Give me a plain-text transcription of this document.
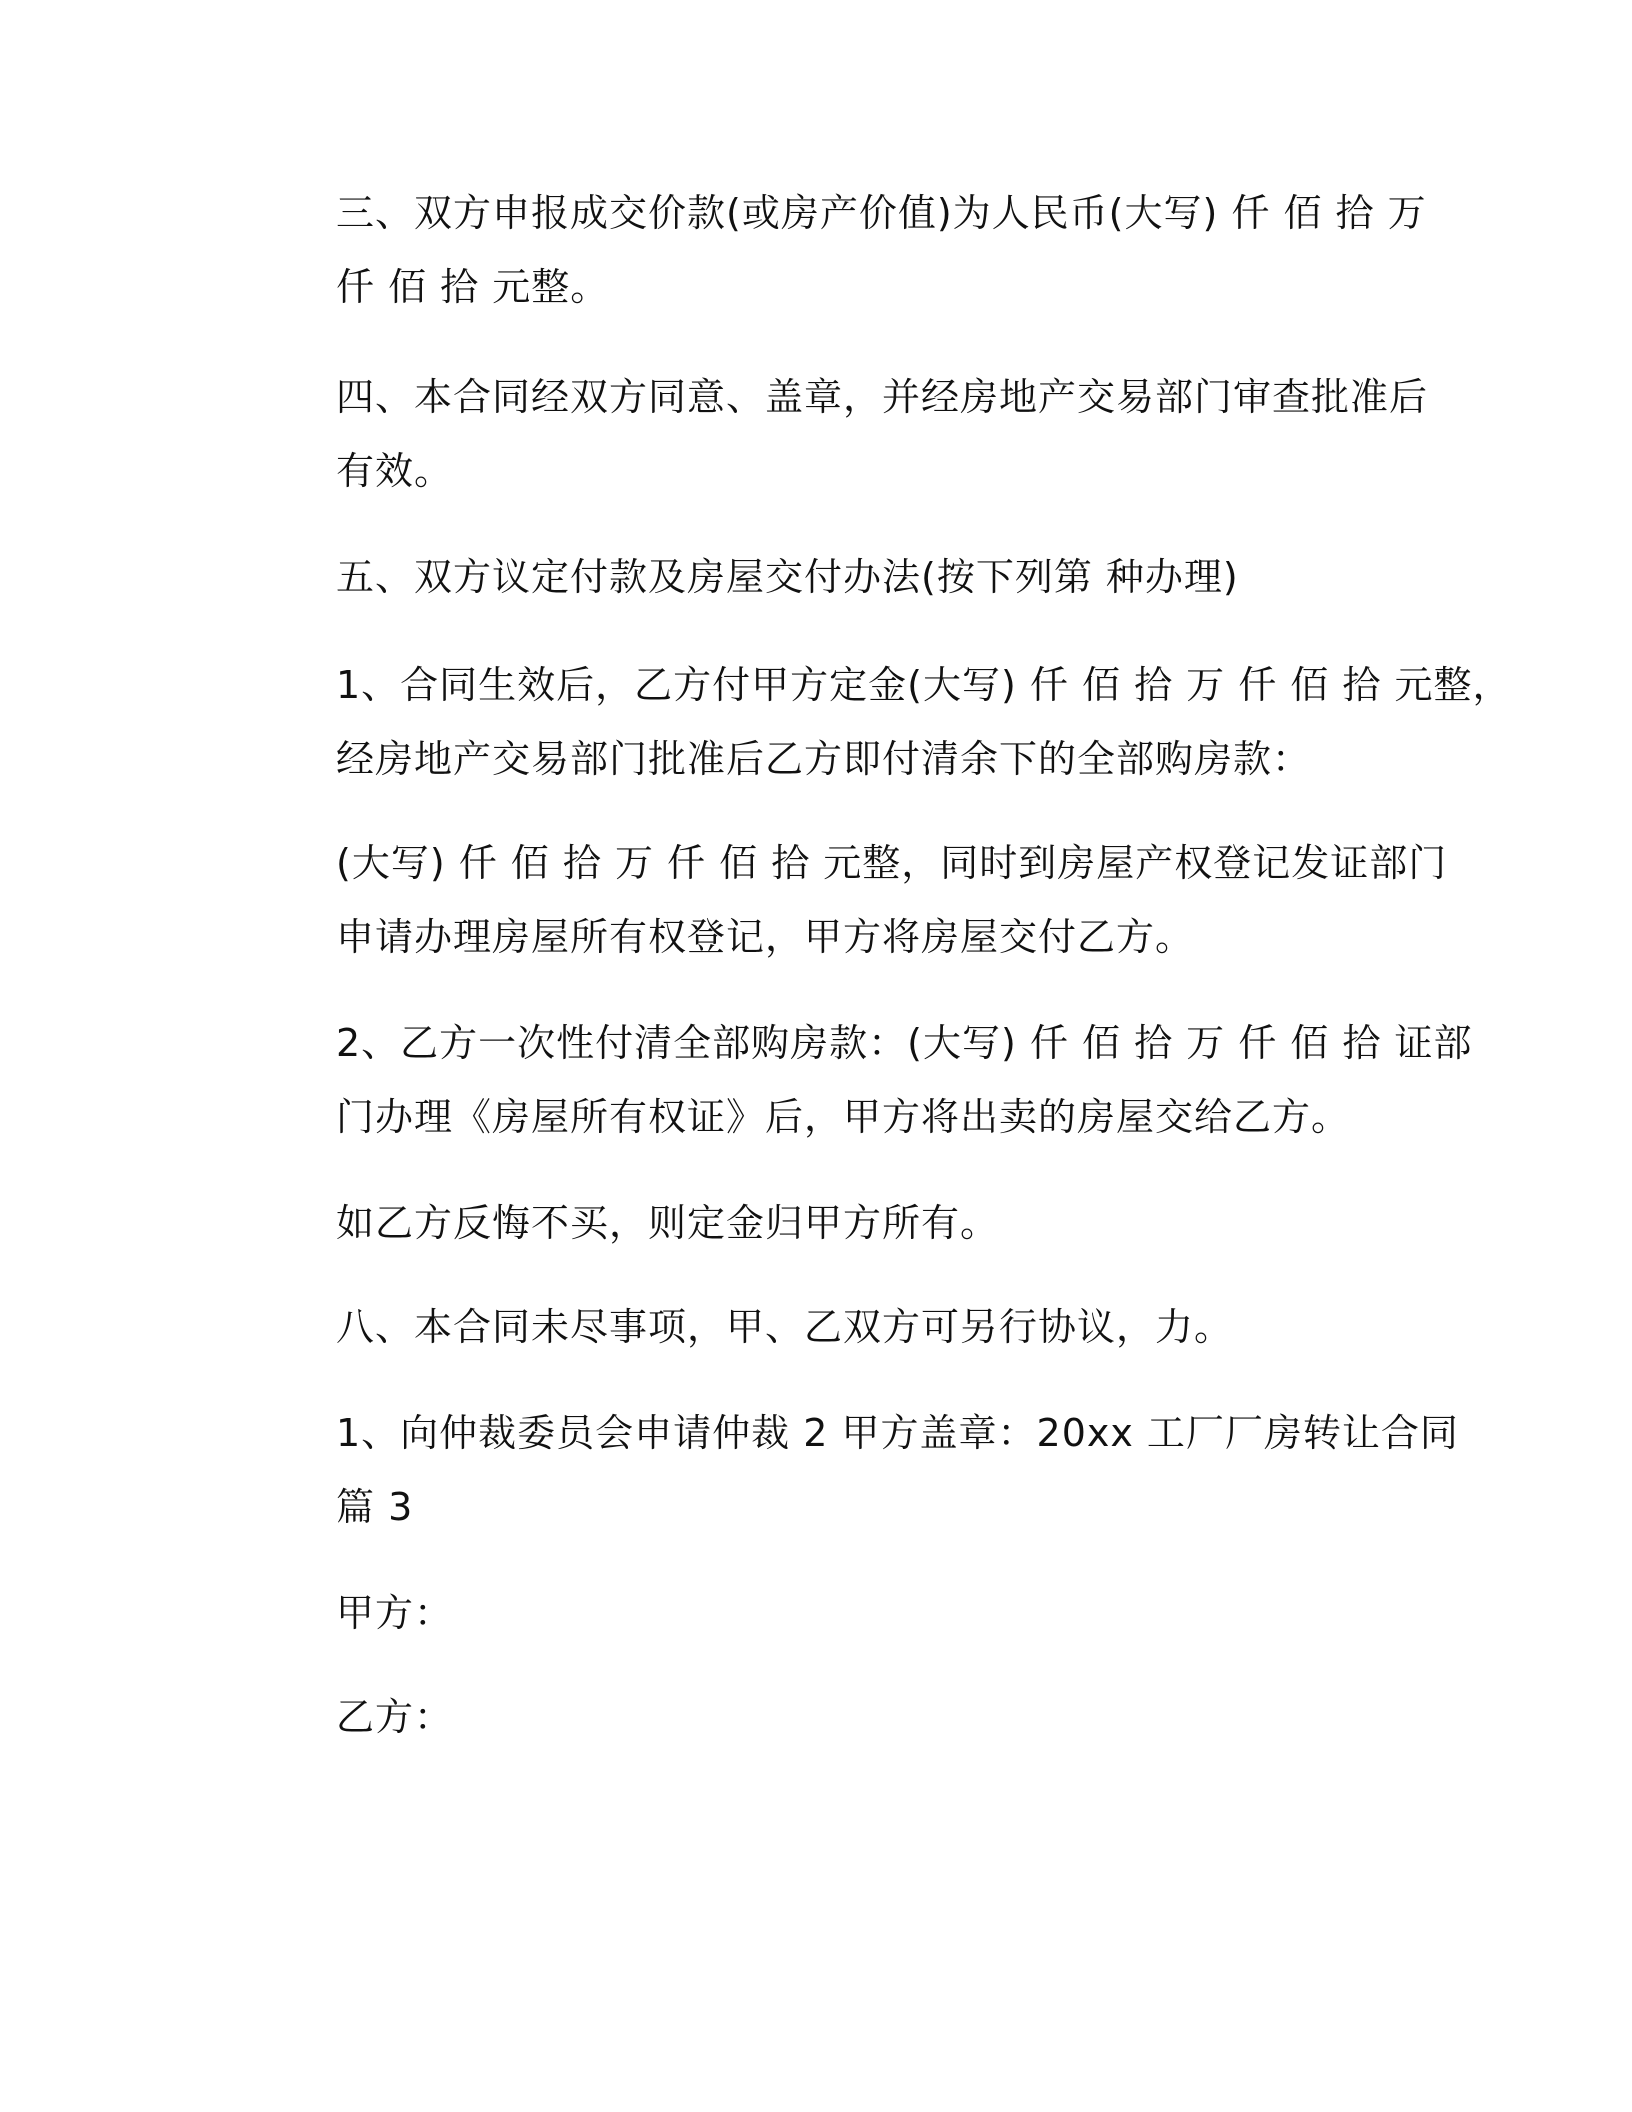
三、双方申报成交价款(或房产价值)为人民币(大写) 仟 佰 拾 万
仟 佰 拾 元整。

四、本合同经双方同意、盖章，并经房地产交易部门审查批准后
有效。

五、双方议定付款及房屋交付办法(按下列第 种办理)

1、合同生效后，乙方付甲方定金(大写) 仟 佰 拾 万 仟 佰 拾 元整，
经房地产交易部门批准后乙方即付清余下的全部购房款：

(大写) 仟 佰 拾 万 仟 佰 拾 元整，同时到房屋产权登记发证部门
申请办理房屋所有权登记，甲方将房屋交付乙方。

2、乙方一次性付清全部购房款：(大写) 仟 佰 拾 万 仟 佰 拾 证部
门办理《房屋所有权证》后，甲方将出卖的房屋交给乙方。

如乙方反悔不买，则定金归甲方所有。

八、本合同未尽事项，甲、乙双方可另行协议，力。

1、向仲裁委员会申请仲裁 2 甲方盖章：20xx 工厂厂房转让合同
篇 3

甲方：

乙方：
